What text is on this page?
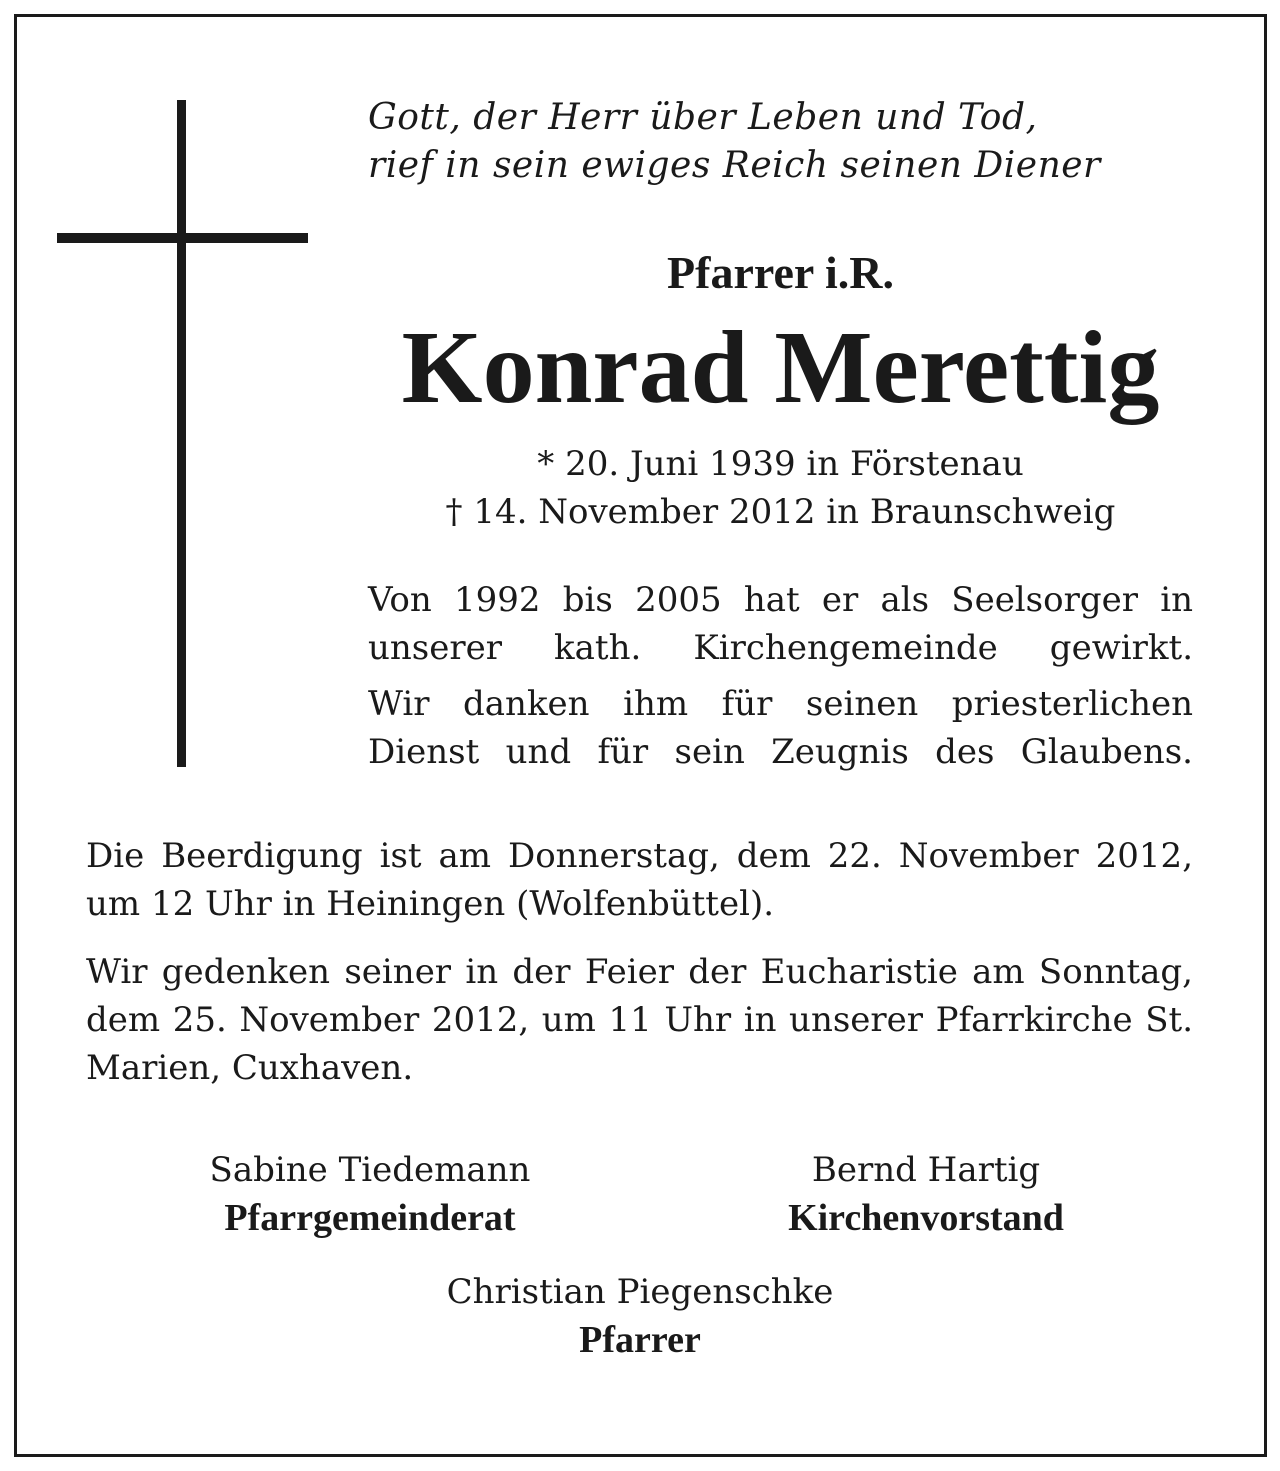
Gott, der Herr über Leben und Tod,
rief in sein ewiges Reich seinen Diener
Pfarrer i.R.
Konrad Merettig
* 20. Juni 1939 in Förstenau
† 14. November 2012 in Braunschweig

Von 1992 bis 2005 hat er als Seelsorger in unserer kath. Kirchengemeinde gewirkt.

Wir danken ihm für seinen priesterlichen Dienst und für sein Zeugnis des Glaubens.

Die Beerdigung ist am Donnerstag, dem 22. November 2012, um 12 Uhr in Heiningen (Wolfenbüttel).

Wir gedenken seiner in der Feier der Eucharistie am Sonntag, dem 25. November 2012, um 11 Uhr in unserer Pfarrkirche St. Marien, Cuxhaven.

Sabine Tiedemann
Pfarrgemeinderat
Bernd Hartig
Kirchenvorstand
Christian Piegenschke
Pfarrer
